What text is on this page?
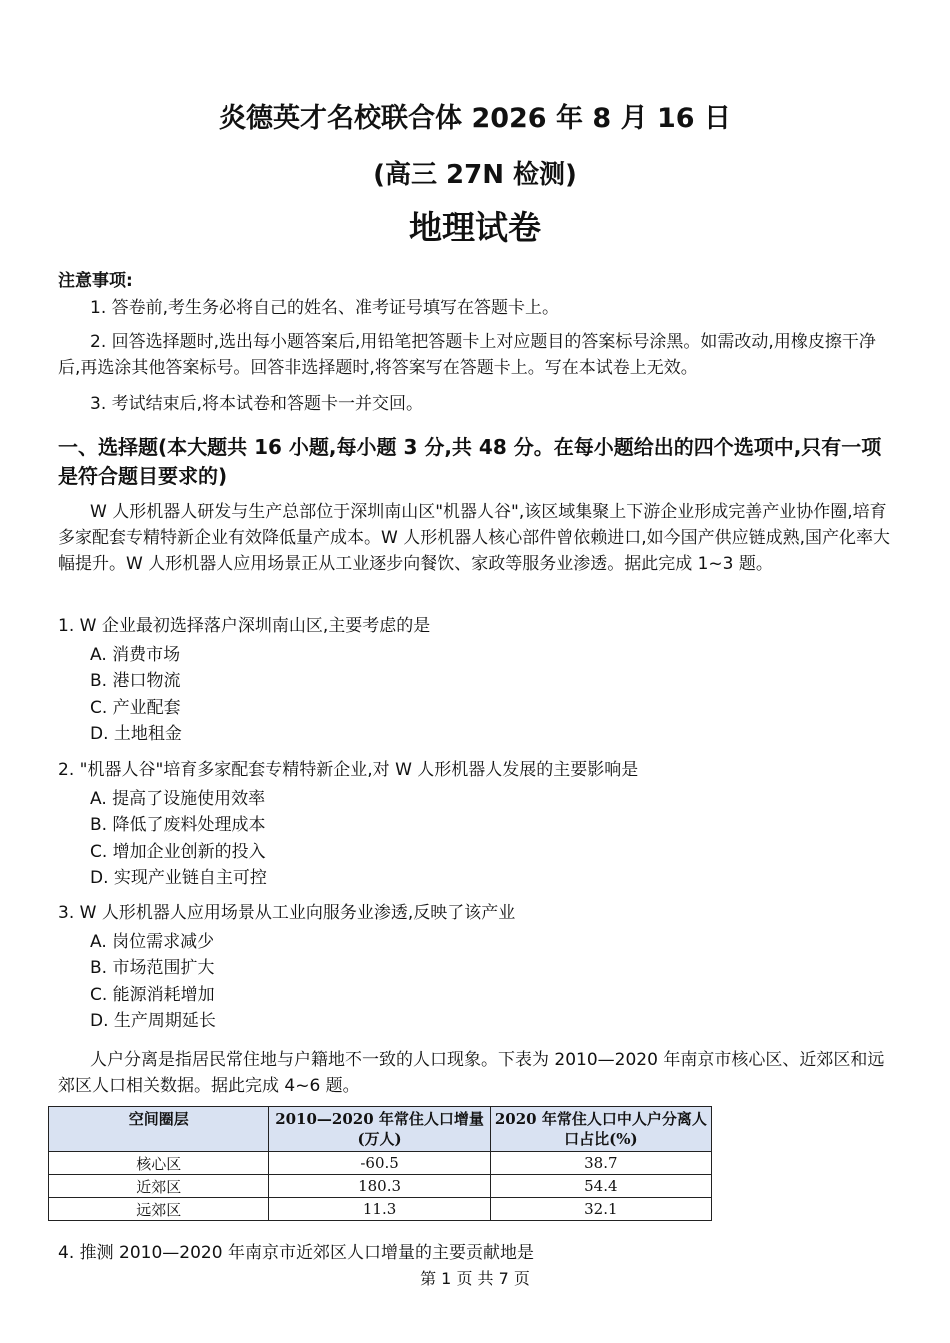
炎德英才名校联合体 2026 年 8 月 16 日
(高三 27N 检测)
地理试卷
注意事项:
1. 答卷前,考生务必将自己的姓名、准考证号填写在答题卡上。
2. 回答选择题时,选出每小题答案后,用铅笔把答题卡上对应题目的答案标号涂黑。如需改动,用橡皮擦干净后,再选涂其他答案标号。回答非选择题时,将答案写在答题卡上。写在本试卷上无效。
3. 考试结束后,将本试卷和答题卡一并交回。
一、选择题(本大题共 16 小题,每小题 3 分,共 48 分。在每小题给出的四个选项中,只有一项是符合题目要求的)
W 人形机器人研发与生产总部位于深圳南山区"机器人谷",该区域集聚上下游企业形成完善产业协作圈,培育多家配套专精特新企业有效降低量产成本。W 人形机器人核心部件曾依赖进口,如今国产供应链成熟,国产化率大幅提升。W 人形机器人应用场景正从工业逐步向餐饮、家政等服务业渗透。据此完成 1~3 题。
1. W 企业最初选择落户深圳南山区,主要考虑的是
A. 消费市场
B. 港口物流
C. 产业配套
D. 土地租金
2. "机器人谷"培育多家配套专精特新企业,对 W 人形机器人发展的主要影响是
A. 提高了设施使用效率
B. 降低了废料处理成本
C. 增加企业创新的投入
D. 实现产业链自主可控
3. W 人形机器人应用场景从工业向服务业渗透,反映了该产业
A. 岗位需求减少
B. 市场范围扩大
C. 能源消耗增加
D. 生产周期延长
人户分离是指居民常住地与户籍地不一致的人口现象。下表为 2010—2020 年南京市核心区、近郊区和远郊区人口相关数据。据此完成 4~6 题。
空间圈层	2010—2020 年常住人口增量(万人)	2020 年常住人口中人户分离人口占比(%)
核心区	-60.5	38.7
近郊区	180.3	54.4
远郊区	11.3	32.1
4. 推测 2010—2020 年南京市近郊区人口增量的主要贡献地是
第 1 页 共 7 页
